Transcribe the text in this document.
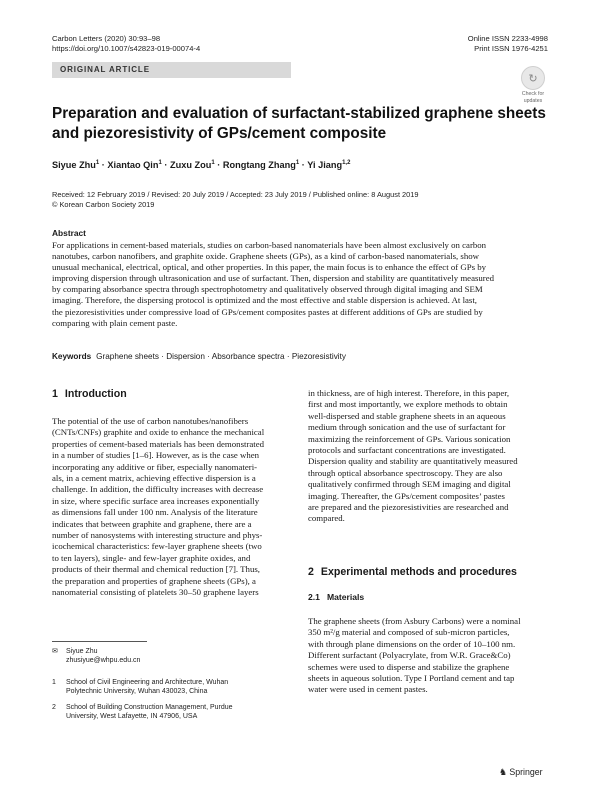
Carbon Letters (2020) 30:93–98
https://doi.org/10.1007/s42823-019-00074-4
Online ISSN 2233-4998
Print ISSN 1976-4251
ORIGINAL ARTICLE
↻
Check for
updates
Preparation and evaluation of surfactant-stabilized graphene sheets
and piezoresistivity of GPs/cement composite
Siyue Zhu$^1$ · Xiantao Qin$^1$ · Zuxu Zou$^1$ · Rongtang Zhang$^1$ · Yi Jiang$^{1,2}$
Received: 12 February 2019 / Revised: 20 July 2019 / Accepted: 23 July 2019 / Published online: 8 August 2019
© Korean Carbon Society 2019
Abstract
For applications in cement-based materials, studies on carbon-based nanomaterials have been almost exclusively on carbon
nanotubes, carbon nanofibers, and graphite oxide. Graphene sheets (GPs), as a kind of carbon-based nanomaterials, show
unusual mechanical, electrical, optical, and other properties. In this paper, the main focus is to enhance the effect of GPs by
improving dispersion through ultrasonication and use of surfactant. Then, dispersion and stability are quantitatively measured
by comparing absorbance spectra through spectrophotometry and qualitatively observed through digital imaging and SEM
imaging. Therefore, the dispersing protocol is optimized and the most effective and stable dispersion is achieved. At last,
the piezoresistivities under compressive load of GPs/cement composites pastes at different additions of GPs are studied by
comparing with plain cement paste.
Keywords Graphene sheets · Dispersion · Absorbance spectra · Piezoresistivity
1 Introduction
The potential of the use of carbon nanotubes/nanofibers
(CNTs/CNFs) graphite and oxide to enhance the mechanical
properties of cement-based materials has been demonstrated
in a number of studies [1–6]. However, as is the case when
incorporating any additive or fiber, especially nanomateri-
als, in a cement matrix, achieving effective dispersion is a
challenge. In addition, the difficulty increases with decrease
in size, where specific surface area increases exponentially
as dimensions fall under 100 nm. Analysis of the literature
indicates that between graphite and graphene, there are a
number of nanosystems with interesting structure and phys-
icochemical characteristics: few-layer graphene sheets (two
to ten layers), single- and few-layer graphite oxides, and
products of their thermal and chemical reduction [7]. Thus,
the preparation and properties of graphene sheets (GPs), a
nanomaterial consisting of platelets 30–50 graphene layers
in thickness, are of high interest. Therefore, in this paper,
first and most importantly, we explore methods to obtain
well-dispersed and stable graphene sheets in an aqueous
medium through sonication and the use of surfactant for
maximizing the reinforcement of GPs. Various sonication
protocols and surfactant concentrations are investigated.
Dispersion quality and stability are quantitatively measured
through optical absorbance spectroscopy. They are also
qualitatively confirmed through SEM imaging and digital
imaging. Thereafter, the GPs/cement composites’ pastes
are prepared and the piezoresistivities are researched and
compared.
2 Experimental methods and procedures
2.1 Materials
The graphene sheets (from Asbury Carbons) were a nominal
350 m²/g material and composed of sub-micron particles,
with through plane dimensions on the order of 10–100 nm.
Different surfactant (Polyacrylate, from W.R. Grace&Co)
schemes were used to disperse and stabilize the graphene
sheets in aqueous solution. Type I Portland cement and tap
water were used in cement pastes.
✉ Siyue Zhu
zhusiyue@whpu.edu.cn
1 School of Civil Engineering and Architecture, Wuhan
Polytechnic University, Wuhan 430023, China
2 School of Building Construction Management, Purdue
University, West Lafayette, IN 47906, USA
♞ Springer
